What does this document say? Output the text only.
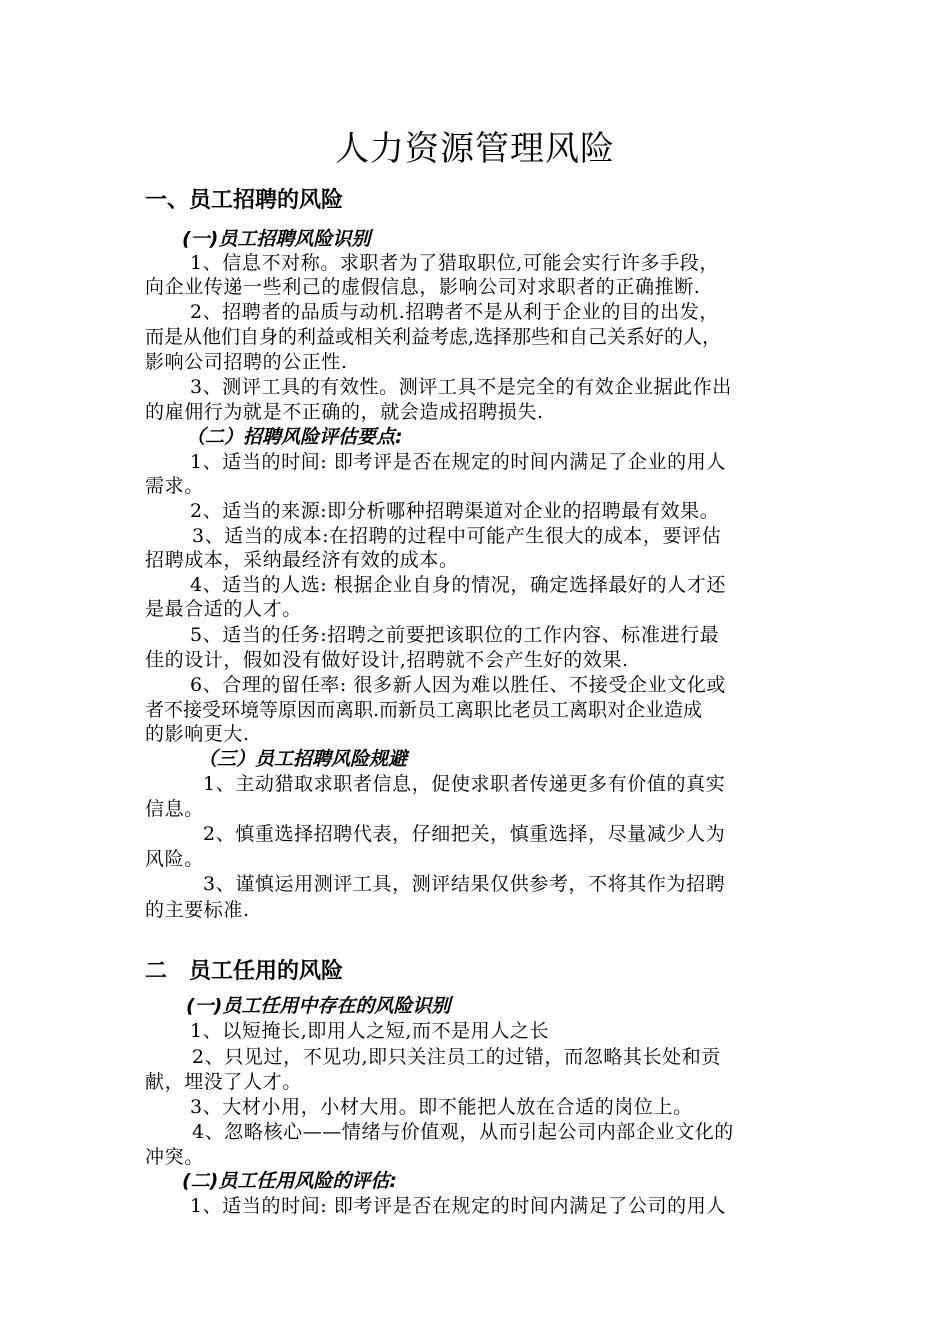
人力资源管理风险
一、员工招聘的风险
(一)员工招聘风险识别
1、信息不对称。求职者为了猎取职位,可能会实行许多手段，
向企业传递一些利己的虚假信息，影响公司对求职者的正确推断.
2、招聘者的品质与动机.招聘者不是从利于企业的目的出发，
而是从他们自身的利益或相关利益考虑,选择那些和自己关系好的人，
影响公司招聘的公正性.
3、测评工具的有效性。测评工具不是完全的有效企业据此作出
的雇佣行为就是不正确的，就会造成招聘损失.
（二）招聘风险评估要点:
1、适当的时间: 即考评是否在规定的时间内满足了企业的用人
需求。
2、适当的来源:即分析哪种招聘渠道对企业的招聘最有效果。
3、适当的成本:在招聘的过程中可能产生很大的成本，要评估
招聘成本，采纳最经济有效的成本。
4、适当的人选: 根据企业自身的情况，确定选择最好的人才还
是最合适的人才。
5、适当的任务:招聘之前要把该职位的工作内容、标准进行最
佳的设计，假如没有做好设计,招聘就不会产生好的效果.
6、合理的留任率: 很多新人因为难以胜任、不接受企业文化或
者不接受环境等原因而离职.而新员工离职比老员工离职对企业造成
的影响更大.
（三）员工招聘风险规避
1、主动猎取求职者信息，促使求职者传递更多有价值的真实
信息。
2、慎重选择招聘代表，仔细把关，慎重选择，尽量减少人为
风险。
3、谨慎运用测评工具，测评结果仅供参考，不将其作为招聘
的主要标准.
二　员工任用的风险
(一)员工任用中存在的风险识别
1、以短掩长,即用人之短,而不是用人之长
2、只见过，不见功,即只关注员工的过错，而忽略其长处和贡
献，埋没了人才。
3、大材小用，小材大用。即不能把人放在合适的岗位上。
4、忽略核心——情绪与价值观，从而引起公司内部企业文化的
冲突。
(二)员工任用风险的评估:
1、适当的时间: 即考评是否在规定的时间内满足了公司的用人
